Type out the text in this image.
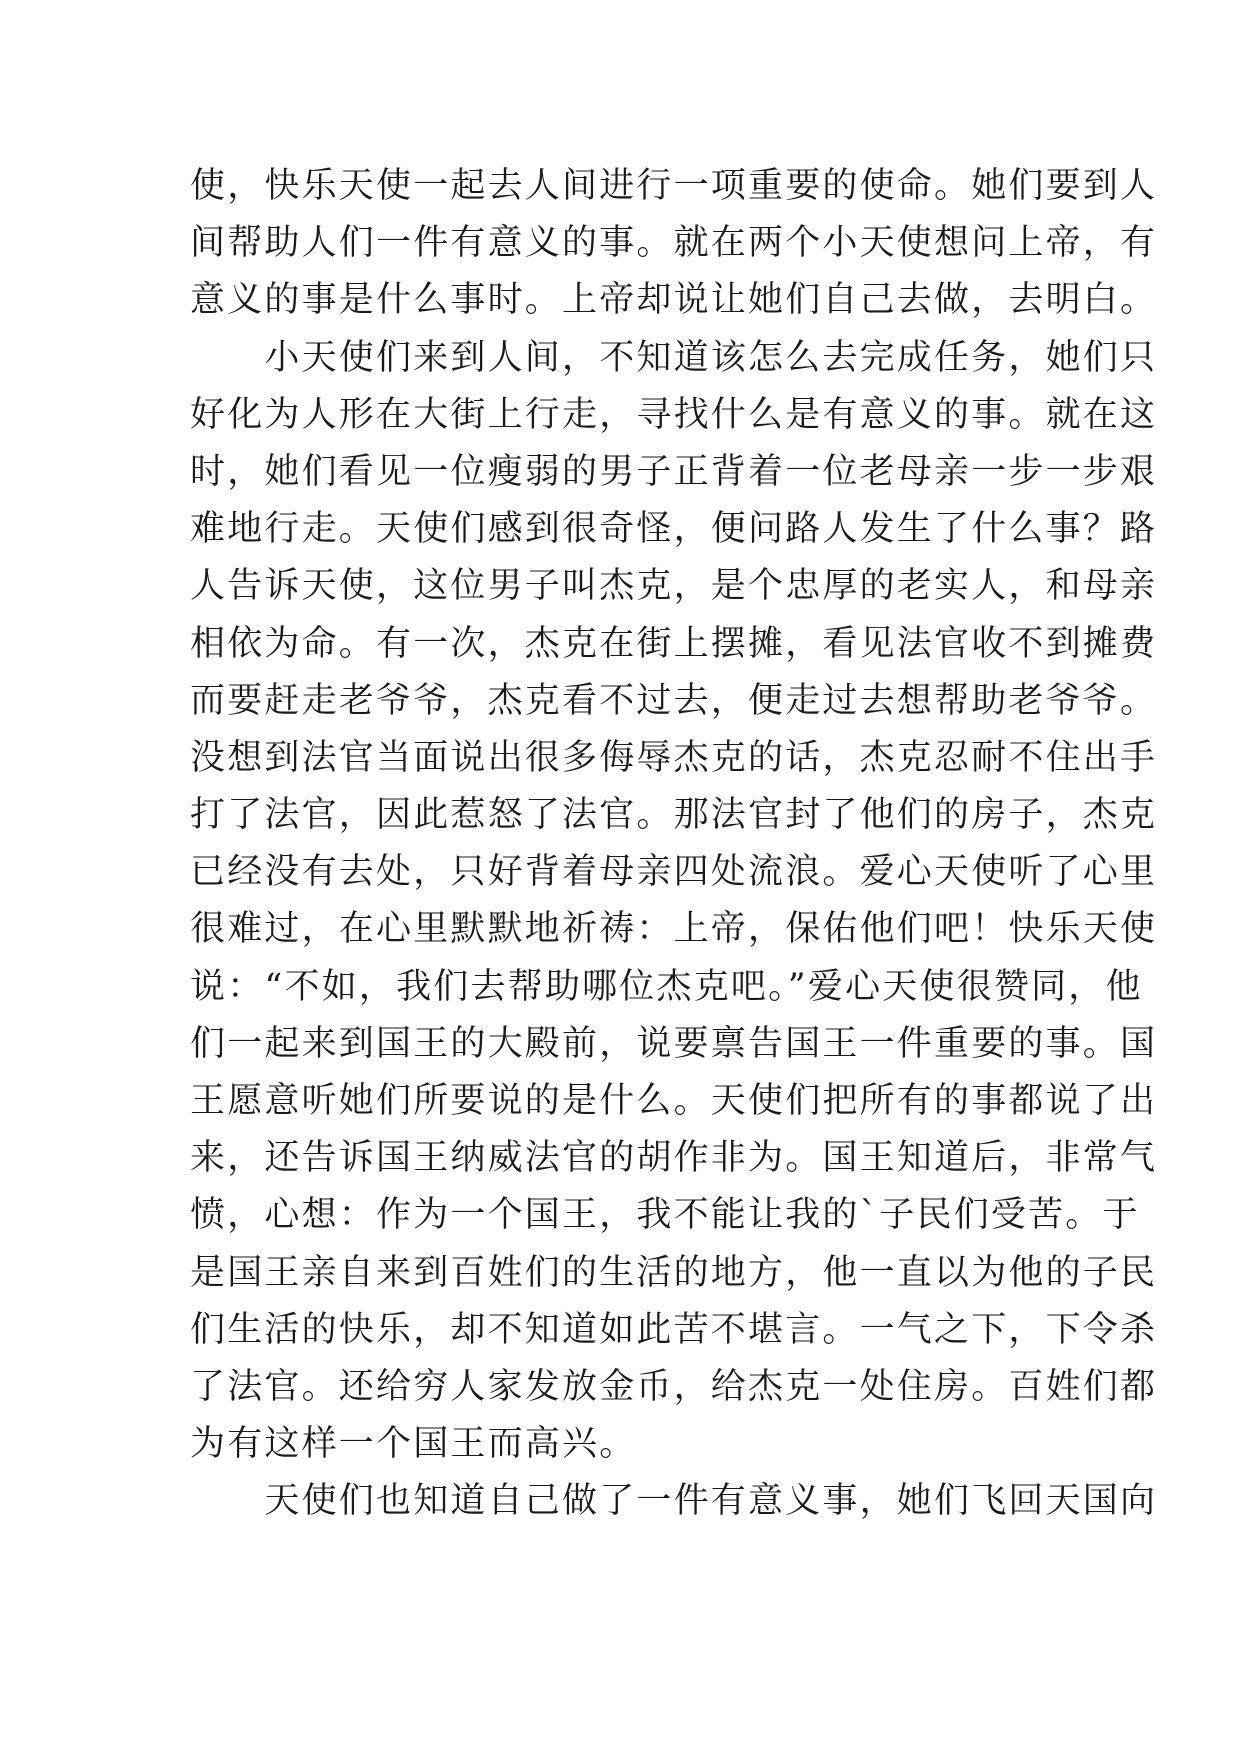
使，快乐天使一起去人间进行一项重要的使命。她们要到人
间帮助人们一件有意义的事。就在两个小天使想问上帝，有
意义的事是什么事时。上帝却说让她们自己去做，去明白。
　　小天使们来到人间，不知道该怎么去完成任务，她们只
好化为人形在大街上行走，寻找什么是有意义的事。就在这
时，她们看见一位瘦弱的男子正背着一位老母亲一步一步艰
难地行走。天使们感到很奇怪，便问路人发生了什么事？路
人告诉天使，这位男子叫杰克，是个忠厚的老实人，和母亲
相依为命。有一次，杰克在街上摆摊，看见法官收不到摊费
而要赶走老爷爷，杰克看不过去，便走过去想帮助老爷爷。
没想到法官当面说出很多侮辱杰克的话，杰克忍耐不住出手
打了法官，因此惹怒了法官。那法官封了他们的房子，杰克
已经没有去处，只好背着母亲四处流浪。爱心天使听了心里
很难过，在心里默默地祈祷：上帝，保佑他们吧！快乐天使
说：“不如，我们去帮助哪位杰克吧。”爱心天使很赞同，他
们一起来到国王的大殿前，说要禀告国王一件重要的事。国
王愿意听她们所要说的是什么。天使们把所有的事都说了出
来，还告诉国王纳威法官的胡作非为。国王知道后，非常气
愤，心想：作为一个国王，我不能让我的`子民们受苦。于
是国王亲自来到百姓们的生活的地方，他一直以为他的子民
们生活的快乐，却不知道如此苦不堪言。一气之下，下令杀
了法官。还给穷人家发放金币，给杰克一处住房。百姓们都
为有这样一个国王而高兴。
　　天使们也知道自己做了一件有意义事，她们飞回天国向
